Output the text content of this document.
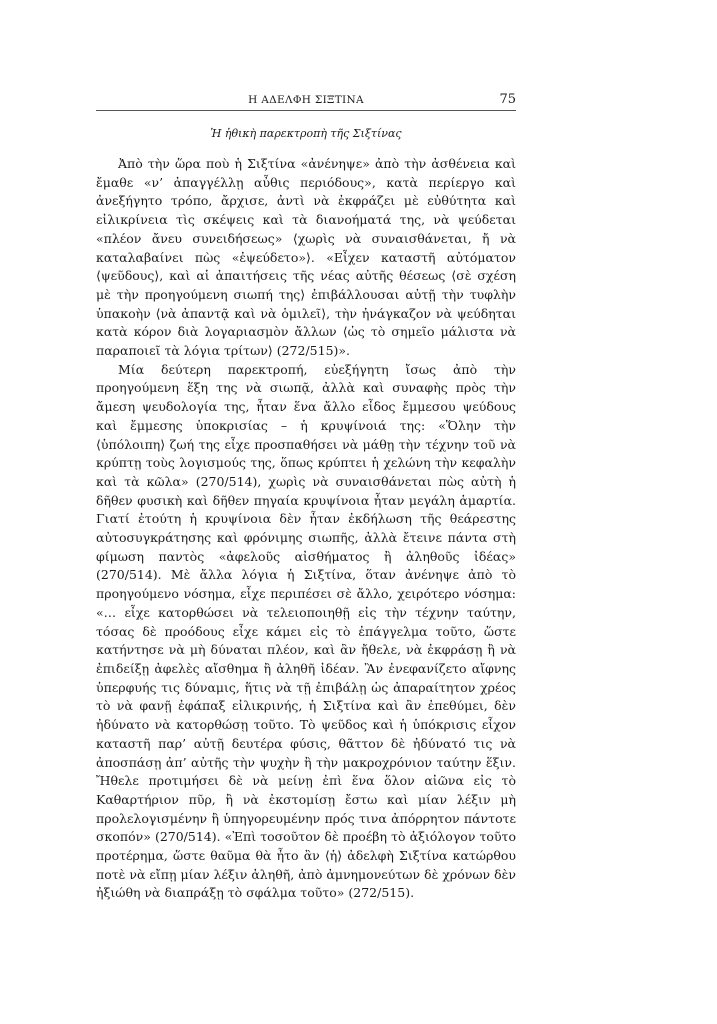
Η ΑΔΕΛΦΗ ΣΙΞΤΙΝΑ	75
Ἡ ἠθικὴ παρεκτροπὴ τῆς Σιξτίνας

Ἀπὸ τὴν ὥρα ποὺ ἡ Σιξτίνα «ἀνένηψε» ἀπὸ τὴν ἀσθένεια καὶ ἔμαθε «ν’ ἀπαγγέλλῃ αὖθις περιόδους», κατὰ περίεργο καὶ ἀνεξήγητο τρόπο, ἄρχισε, ἀντὶ νὰ ἐκφράζει μὲ εὐθύτητα καὶ εἰλικρίνεια τὶς σκέψεις καὶ τὰ διανοήματά της, νὰ ψεύδεται «πλέον ἄνευ συνειδήσεως» ⟨χωρὶς νὰ συναισθάνεται, ἤ νὰ καταλαβαίνει πὼς «ἐψεύδετο»⟩. «Εἶχεν καταστῆ αὐτόματον ⟨ψεῦδους⟩, καὶ αἱ ἀπαιτήσεις τῆς νέας αὐτῆς θέσεως ⟨σὲ σχέση μὲ τὴν προηγούμενη σιωπή της⟩ ἐπιβάλλουσαι αὐτῇ τὴν τυφλὴν ὑπακοὴν ⟨νὰ ἀπαντᾷ καὶ νὰ ὁμιλεῖ⟩, τὴν ἠνάγκαζον νὰ ψεύδηται κατὰ κόρον διὰ λογαριασμὸν ἄλλων ⟨ὡς τὸ σημεῖο μάλιστα νὰ παραποιεῖ τὰ λόγια τρίτων⟩ (272/515)».

Μία δεύτερη παρεκτροπή, εὐεξήγητη ἴσως ἀπὸ τὴν προηγούμενη ἕξη της νὰ σιωπᾷ, ἀλλὰ καὶ συναφὴς πρὸς τὴν ἄμεση ψευδολογία της, ἦταν ἕνα ἄλλο εἶδος ἔμμεσου ψεύδους καὶ ἔμμεσης ὑποκρισίας – ἡ κρυψίνοιά της: «Ὅλην τὴν ⟨ὑπόλοιπη⟩ ζωή της εἶχε προσπαθήσει νὰ μάθῃ τὴν τέχνην τοῦ νὰ κρύπτῃ τοὺς λογισμούς της, ὅπως κρύπτει ἡ χελώνη τὴν κεφαλὴν καὶ τὰ κῶλα» (270/514), χωρὶς νὰ συναισθάνεται πὼς αὐτὴ ἡ δῆθεν φυσικὴ καὶ δῆθεν πηγαία κρυψίνοια ἦταν μεγάλη ἁμαρτία. Γιατί ἐτούτη ἡ κρυψίνοια δὲν ἦταν ἐκδήλωση τῆς θεάρεστης αὐτοσυγκράτησης καὶ φρόνιμης σιωπῆς, ἀλλὰ ἔτεινε πάντα στὴ φίμωση παντὸς «ἀφελοῦς αἰσθήματος ἢ ἀληθοῦς ἰδέας» (270/514). Μὲ ἄλλα λόγια ἡ Σιξτίνα, ὅταν ἀνένηψε ἀπὸ τὸ προηγούμενο νόσημα, εἶχε περιπέσει σὲ ἄλλο, χειρότερο νόσημα: «… εἶχε κατορθώσει νὰ τελειοποιηθῇ εἰς τὴν τέχνην ταύτην, τόσας δὲ προόδους εἶχε κάμει εἰς τὸ ἐπάγγελμα τοῦτο, ὥστε κατήντησε νὰ μὴ δύναται πλέον, καὶ ἂν ἤθελε, νὰ ἐκφράσῃ ἢ νὰ ἐπιδείξῃ ἀφελὲς αἴσθημα ἢ ἀληθῆ ἰδέαν. Ἂν ἐνεφανίζετο αἴφνης ὑπερφυής τις δύναμις, ἥτις νὰ τῇ ἐπιβάλῃ ὡς ἀπαραίτητον χρέος τὸ νὰ φανῇ ἐφάπαξ εἰλικρινής, ἡ Σιξτίνα καὶ ἂν ἐπεθύμει, δὲν ἠδύνατο νὰ κατορθώσῃ τοῦτο. Τὸ ψεῦδος καὶ ἡ ὑπόκρισις εἶχον καταστῆ παρ’ αὐτῇ δευτέρα φύσις, θᾶττον δὲ ἠδύνατό τις νὰ ἀποσπάσῃ ἀπ’ αὐτῆς τὴν ψυχὴν ἢ τὴν μακροχρόνιον ταύτην ἕξιν. Ἤθελε προτιμήσει δὲ νὰ μείνῃ ἐπὶ ἕνα ὅλον αἰῶνα εἰς τὸ Καθαρτήριον πῦρ, ἢ νὰ ἐκστομίσῃ ἔστω καὶ μίαν λέξιν μὴ προλελογισμένην ἢ ὑπηγορευμένην πρός τινα ἀπόρρητον πάντοτε σκοπόν» (270/514). «Ἐπὶ τοσοῦτον δὲ προέβη τὸ ἀξιόλογον τοῦτο προτέρημα, ὥστε θαῦμα θὰ ἦτο ἂν ⟨ἡ⟩ ἀδελφὴ Σιξτίνα κατώρθου ποτὲ νὰ εἴπῃ μίαν λέξιν ἀληθῆ, ἀπὸ ἀμνημονεύτων δὲ χρόνων δὲν ἠξιώθη νὰ διαπράξῃ τὸ σφάλμα τοῦτο» (272/515).
